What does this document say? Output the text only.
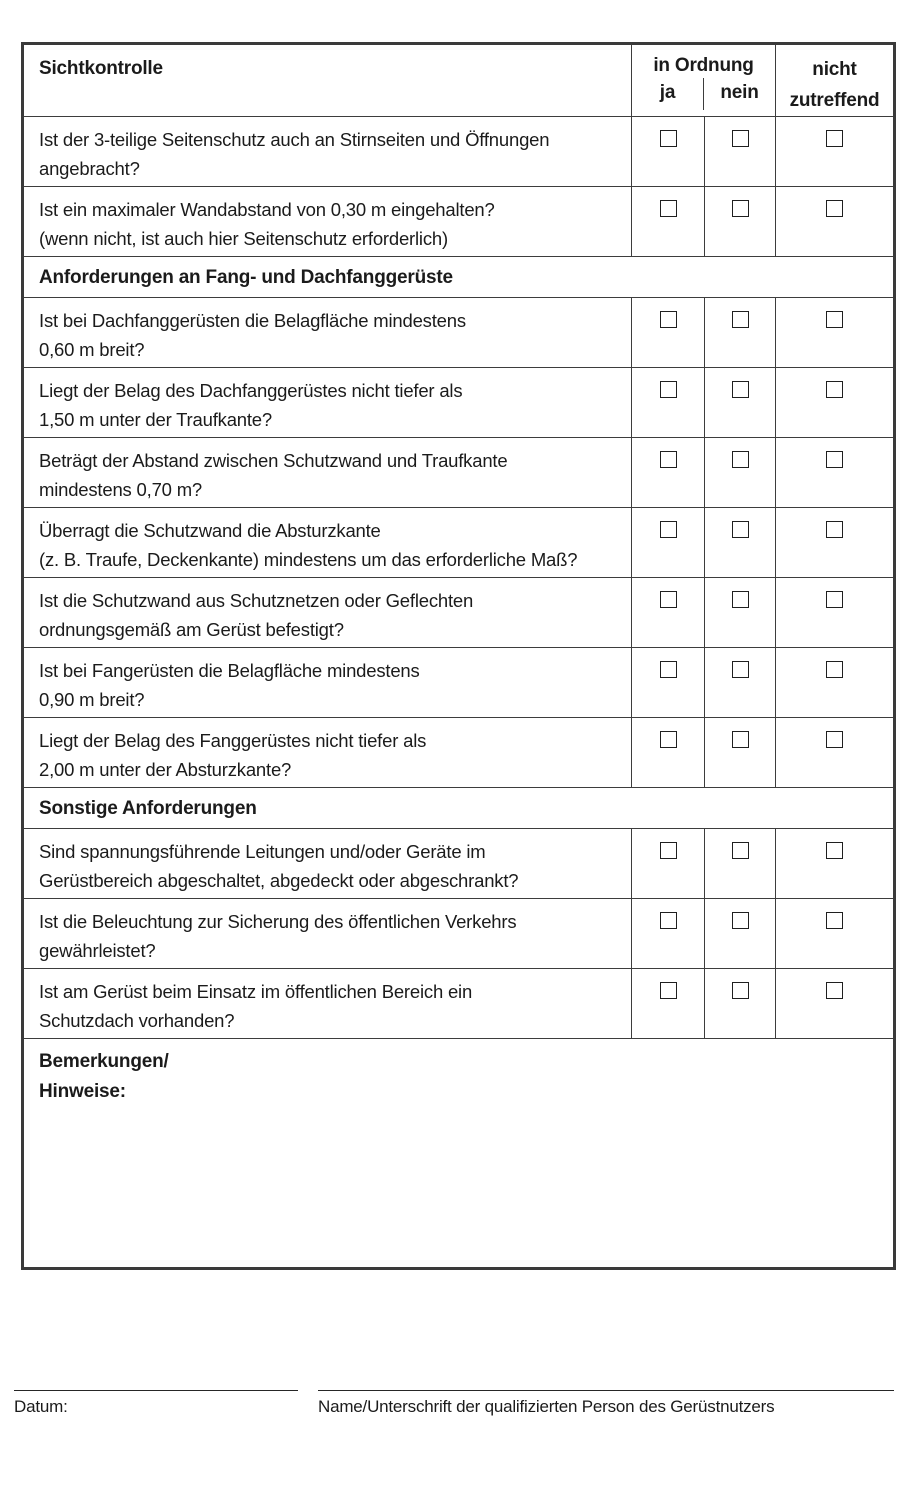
Sichtkontrolle	in Ordnung
ja nein		nicht zutreffend

Ist der 3-teilige Seitenschutz auch an Stirnseiten und Öffnungen
angebracht?			

Ist ein maximaler Wandabstand von 0,30 m eingehalten?
(wenn nicht, ist auch hier Seitenschutz erforderlich)			

Anforderungen an Fang- und Dachfanggerüste			

Ist bei Dachfanggerüsten die Belagfläche mindestens
0,60 m breit?			

Liegt der Belag des Dachfanggerüstes nicht tiefer als
1,50 m unter der Traufkante?			

Beträgt der Abstand zwischen Schutzwand und Traufkante
mindestens 0,70 m?			

Überragt die Schutzwand die Absturzkante
(z. B. Traufe, Deckenkante) mindestens um das erforderliche Maß?			

Ist die Schutzwand aus Schutznetzen oder Geflechten
ordnungsgemäß am Gerüst befestigt?			

Ist bei Fangerüsten die Belagfläche mindestens
0,90 m breit?			

Liegt der Belag des Fanggerüstes nicht tiefer als
2,00 m unter der Absturzkante?			

Sonstige Anforderungen			

Sind spannungsführende Leitungen und/oder Geräte im
Gerüstbereich abgeschaltet, abgedeckt oder abgeschrankt?			

Ist die Beleuchtung zur Sicherung des öffentlichen Verkehrs
gewährleistet?			

Ist am Gerüst beim Einsatz im öffentlichen Bereich ein
Schutzdach vorhanden?			

Bemerkungen/
Hinweise:			
Datum:	Name/Unterschrift der qualifizierten Person des Gerüstnutzers
